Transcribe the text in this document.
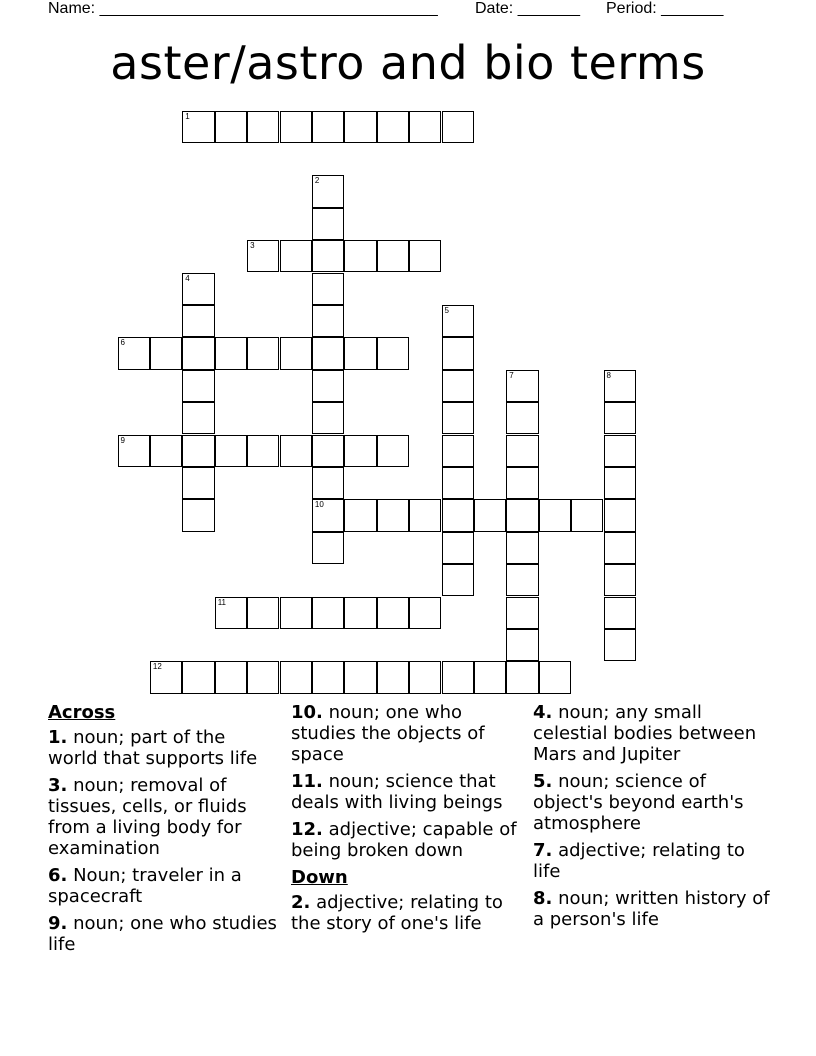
Name: ______________________________________ Date: _______ Period: _______
aster/astro and bio terms
1
2
10
3
4
5
6
7	8
9
11
12
Across
1. noun; part of the world that supports life
3. noun; removal of tissues, cells, or fluids from a living body for examination
6. Noun; traveler in a spacecraft
9. noun; one who studies life
10. noun; one who studies the objects of space
11. noun; science that deals with living beings
12. adjective; capable of being broken down
Down
2. adjective; relating to the story of one's life
4. noun; any small celestial bodies between Mars and Jupiter
5. noun; science of object's beyond earth's atmosphere
7. adjective; relating to life
8. noun; written history of a person's life
